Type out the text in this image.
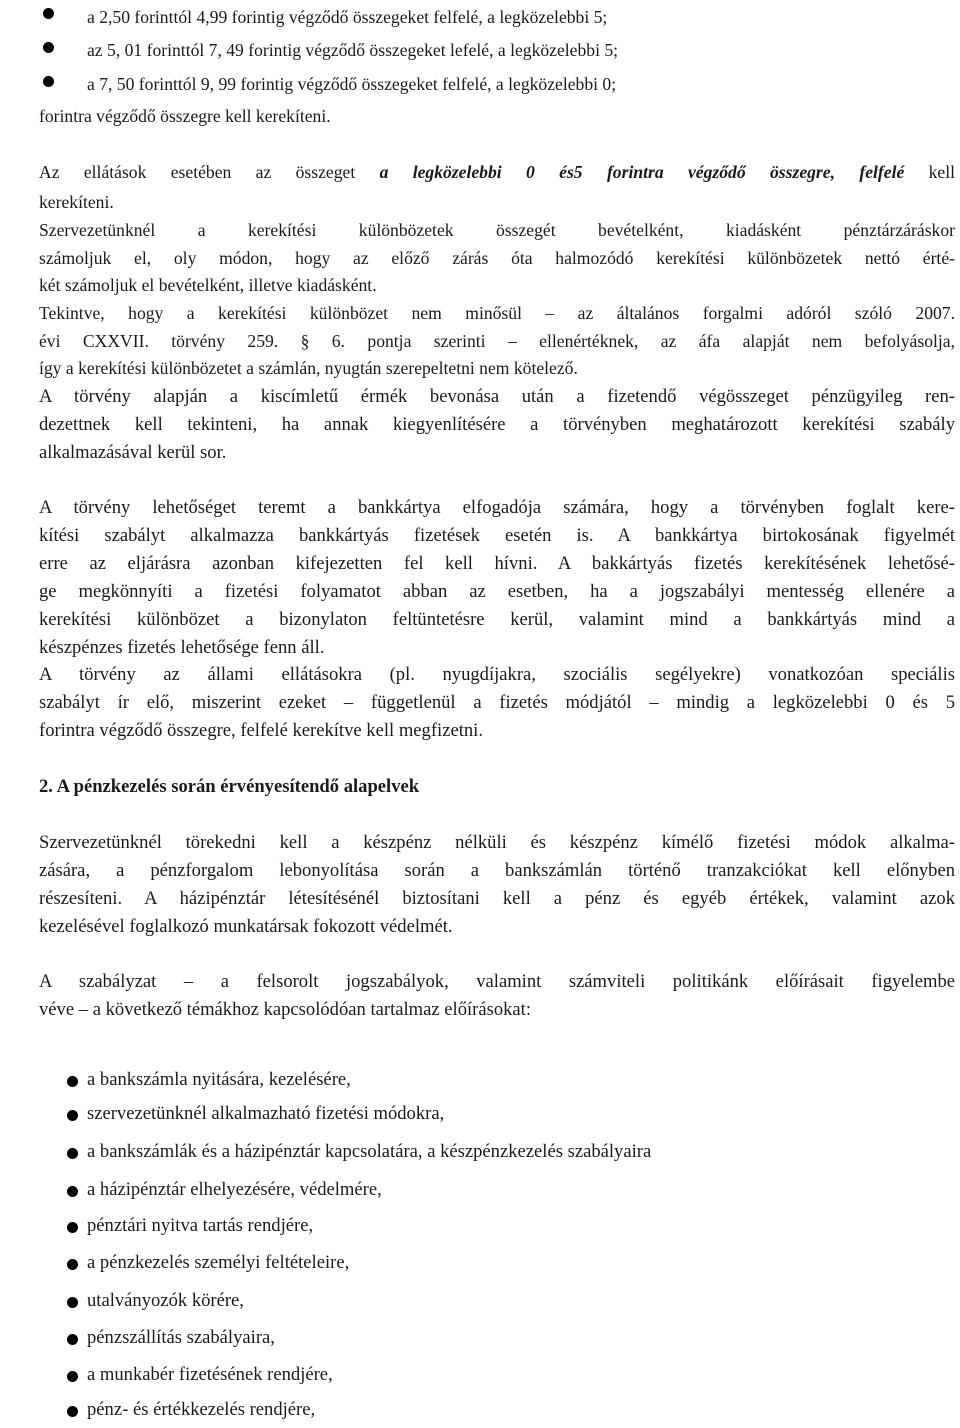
a 2,50 forinttól 4,99 forintig végződő összegeket felfelé, a legközelebbi 5;
az 5, 01 forinttól 7, 49 forintig végződő összegeket lefelé, a legközelebbi 5;
a 7, 50 forinttól 9, 99 forintig végződő összegeket felfelé, a legközelebbi 0;
forintra végződő összegre kell kerekíteni.
Az ellátások esetében az összeget a legközelebbi 0 és5 forintra végződő összegre, felfelé kell
kerekíteni.
Szervezetünknél a kerekítési különbözetek összegét bevételként, kiadásként pénztárzáráskor
számoljuk el, oly módon, hogy az előző zárás óta halmozódó kerekítési különbözetek nettó érté-
két számoljuk el bevételként, illetve kiadásként.
Tekintve, hogy a kerekítési különbözet nem minősül – az általános forgalmi adóról szóló 2007.
évi CXXVII. törvény 259. § 6. pontja szerinti – ellenértéknek, az áfa alapját nem befolyásolja,
így a kerekítési különbözetet a számlán, nyugtán szerepeltetni nem kötelező.
A törvény alapján a kiscímletű érmék bevonása után a fizetendő végösszeget pénzügyileg ren-
dezettnek kell tekinteni, ha annak kiegyenlítésére a törvényben meghatározott kerekítési szabály
alkalmazásával kerül sor.
A törvény lehetőséget teremt a bankkártya elfogadója számára, hogy a törvényben foglalt kere-
kítési szabályt alkalmazza bankkártyás fizetések esetén is. A bankkártya birtokosának figyelmét
erre az eljárásra azonban kifejezetten fel kell hívni. A bakkártyás fizetés kerekítésének lehetősé-
ge megkönnyíti a fizetési folyamatot abban az esetben, ha a jogszabályi mentesség ellenére a
kerekítési különbözet a bizonylaton feltüntetésre kerül, valamint mind a bankkártyás mind a
készpénzes fizetés lehetősége fenn áll.
A törvény az állami ellátásokra (pl. nyugdíjakra, szociális segélyekre) vonatkozóan speciális
szabályt ír elő, miszerint ezeket – függetlenül a fizetés módjától – mindig a legközelebbi 0 és 5
forintra végződő összegre, felfelé kerekítve kell megfizetni.
2. A pénzkezelés során érvényesítendő alapelvek
Szervezetünknél törekedni kell a készpénz nélküli és készpénz kímélő fizetési módok alkalma-
zására, a pénzforgalom lebonyolítása során a bankszámlán történő tranzakciókat kell előnyben
részesíteni. A házipénztár létesítésénél biztosítani kell a pénz és egyéb értékek, valamint azok
kezelésével foglalkozó munkatársak fokozott védelmét.
A szabályzat – a felsorolt jogszabályok, valamint számviteli politikánk előírásait figyelembe
véve – a következő témákhoz kapcsolódóan tartalmaz előírásokat:
a bankszámla nyitására, kezelésére,
szervezetünknél alkalmazható fizetési módokra,
a bankszámlák és a házipénztár kapcsolatára, a készpénzkezelés szabályaira
a házipénztár elhelyezésére, védelmére,
pénztári nyitva tartás rendjére,
a pénzkezelés személyi feltételeire,
utalványozók körére,
pénzszállítás szabályaira,
a munkabér fizetésének rendjére,
pénz- és értékkezelés rendjére,
